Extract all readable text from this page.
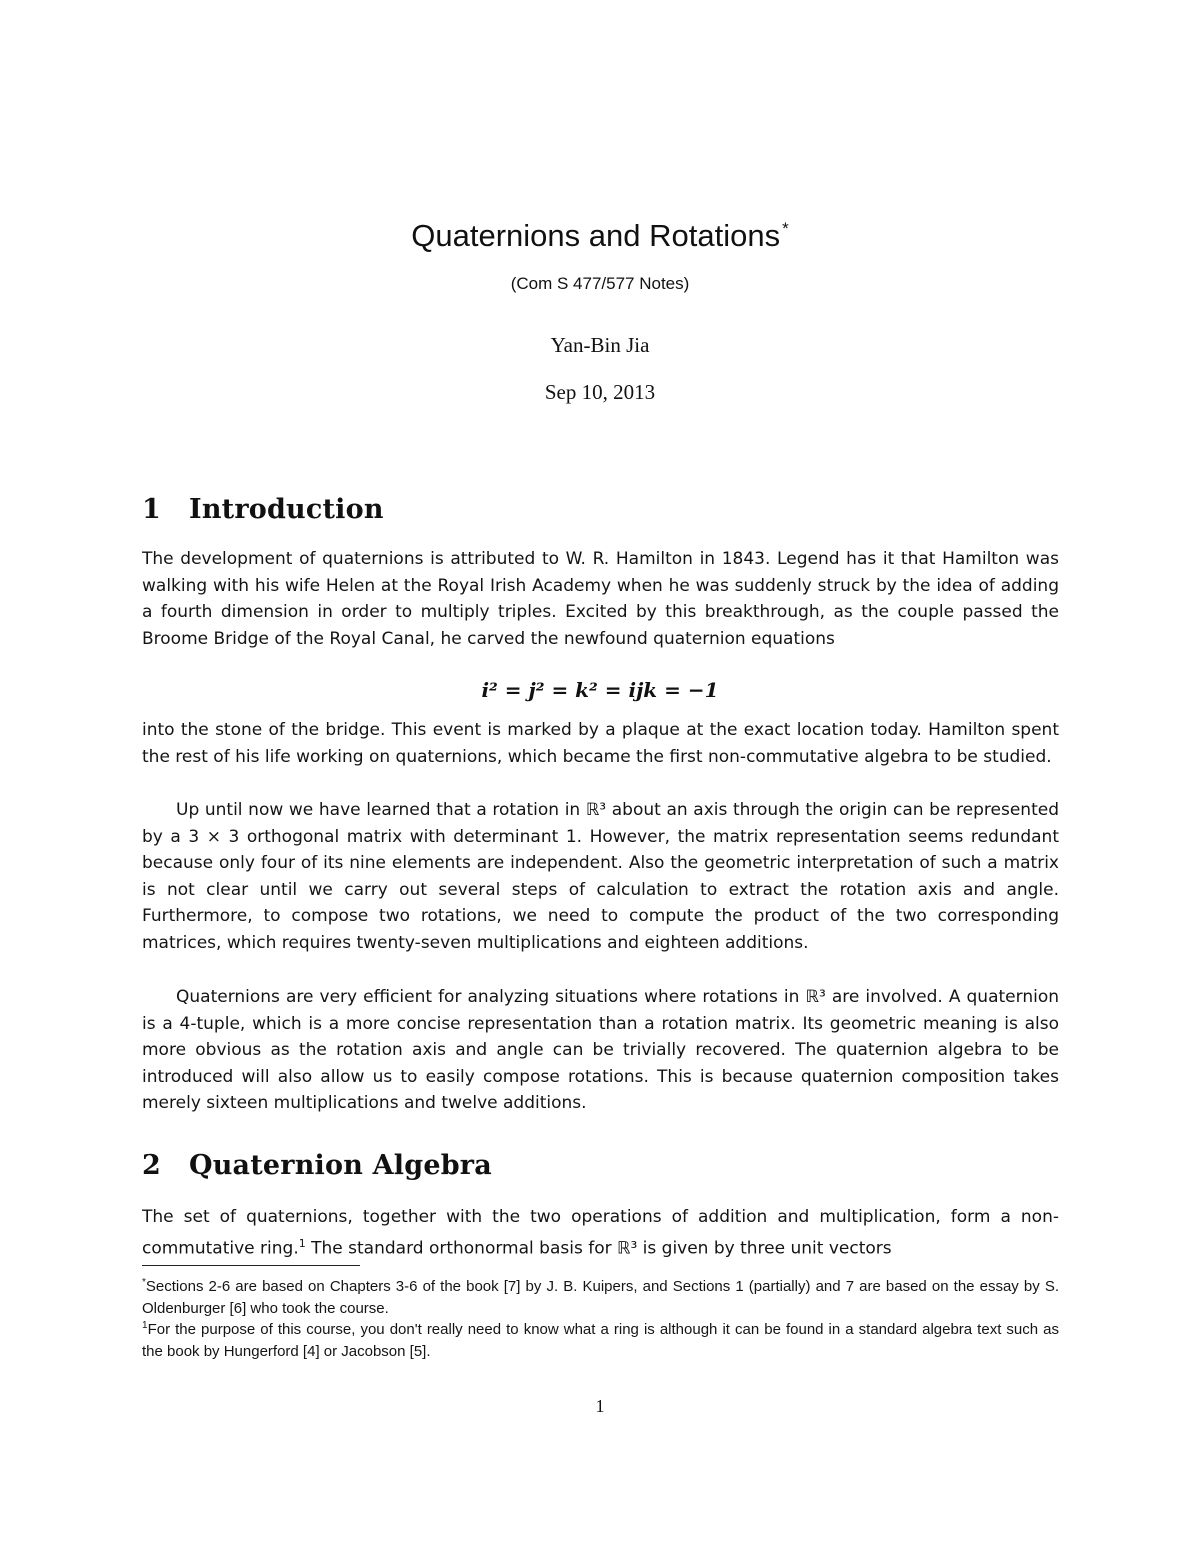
Quaternions and Rotations *
(Com S 477/577 Notes)
Yan-Bin Jia
Sep 10, 2013
1 Introduction

The development of quaternions is attributed to W. R. Hamilton in 1843. Legend has it that Hamilton was walking with his wife Helen at the Royal Irish Academy when he was suddenly struck by the idea of adding a fourth dimension in order to multiply triples. Excited by this breakthrough, as the couple passed the Broome Bridge of the Royal Canal, he carved the newfound quaternion equations

i² = j² = k² = ijk = −1

into the stone of the bridge. This event is marked by a plaque at the exact location today. Hamilton spent the rest of his life working on quaternions, which became the first non-commutative algebra to be studied.

Up until now we have learned that a rotation in ℝ³ about an axis through the origin can be represented by a 3 × 3 orthogonal matrix with determinant 1. However, the matrix representation seems redundant because only four of its nine elements are independent. Also the geometric interpretation of such a matrix is not clear until we carry out several steps of calculation to extract the rotation axis and angle. Furthermore, to compose two rotations, we need to compute the product of the two corresponding matrices, which requires twenty-seven multiplications and eighteen additions.

Quaternions are very efficient for analyzing situations where rotations in ℝ³ are involved. A quaternion is a 4-tuple, which is a more concise representation than a rotation matrix. Its geometric meaning is also more obvious as the rotation axis and angle can be trivially recovered. The quaternion algebra to be introduced will also allow us to easily compose rotations. This is because quaternion composition takes merely sixteen multiplications and twelve additions.

2 Quaternion Algebra

The set of quaternions, together with the two operations of addition and multiplication, form a non-commutative ring.$^1$ The standard orthonormal basis for ℝ³ is given by three unit vectors

*Sections 2-6 are based on Chapters 3-6 of the book [7] by J. B. Kuipers, and Sections 1 (partially) and 7 are based on the essay by S. Oldenburger [6] who took the course.

$^1$For the purpose of this course, you don't really need to know what a ring is although it can be found in a standard algebra text such as the book by Hungerford [4] or Jacobson [5].

1
